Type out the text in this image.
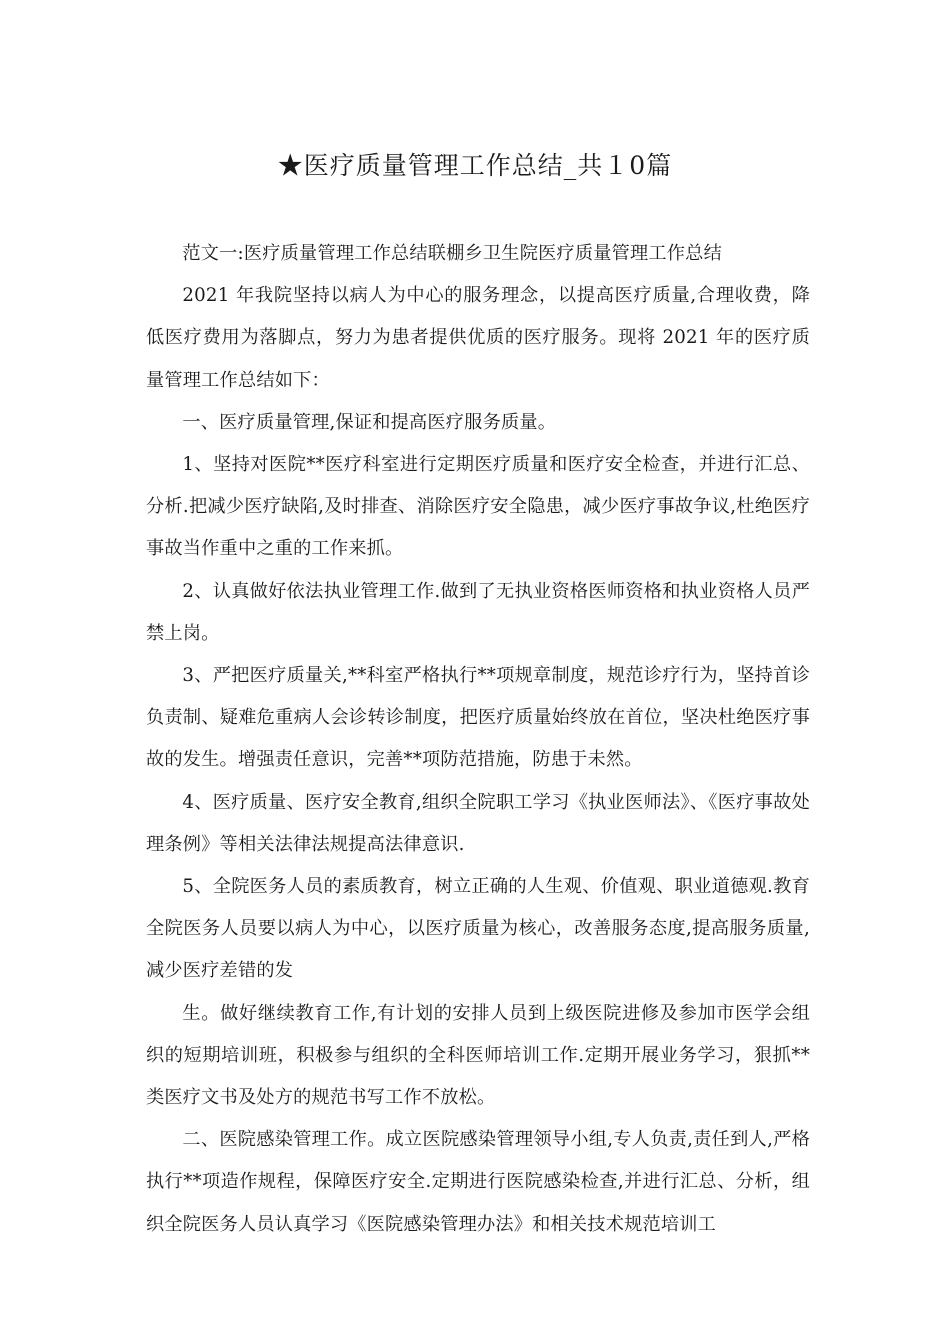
★医疗质量管理工作总结_共１0篇

范文一:医疗质量管理工作总结联棚乡卫生院医疗质量管理工作总结

2021 年我院坚持以病人为中心的服务理念，以提高医疗质量,合理收费，降低医疗费用为落脚点，努力为患者提供优质的医疗服务。现将 2021 年的医疗质量管理工作总结如下：

一、医疗质量管理,保证和提高医疗服务质量。

1、坚持对医院**医疗科室进行定期医疗质量和医疗安全检查，并进行汇总、分析.把减少医疗缺陷,及时排查、消除医疗安全隐患，减少医疗事故争议,杜绝医疗事故当作重中之重的工作来抓。

2、认真做好依法执业管理工作.做到了无执业资格医师资格和执业资格人员严禁上岗。

3、严把医疗质量关,**科室严格执行**项规章制度，规范诊疗行为，坚持首诊负责制、疑难危重病人会诊转诊制度，把医疗质量始终放在首位，坚决杜绝医疗事故的发生。增强责任意识，完善**项防范措施，防患于未然。

4、医疗质量、医疗安全教育,组织全院职工学习《执业医师法》、《医疗事故处理条例》等相关法律法规提高法律意识.

5、全院医务人员的素质教育，树立正确的人生观、价值观、职业道德观.教育全院医务人员要以病人为中心，以医疗质量为核心，改善服务态度,提高服务质量,减少医疗差错的发

生。做好继续教育工作,有计划的安排人员到上级医院进修及参加市医学会组织的短期培训班，积极参与组织的全科医师培训工作.定期开展业务学习，狠抓**类医疗文书及处方的规范书写工作不放松。

二、医院感染管理工作。成立医院感染管理领导小组,专人负责,责任到人,严格执行**项造作规程，保障医疗安全.定期进行医院感染检查,并进行汇总、分析，组织全院医务人员认真学习《医院感染管理办法》和相关技术规范培训工
